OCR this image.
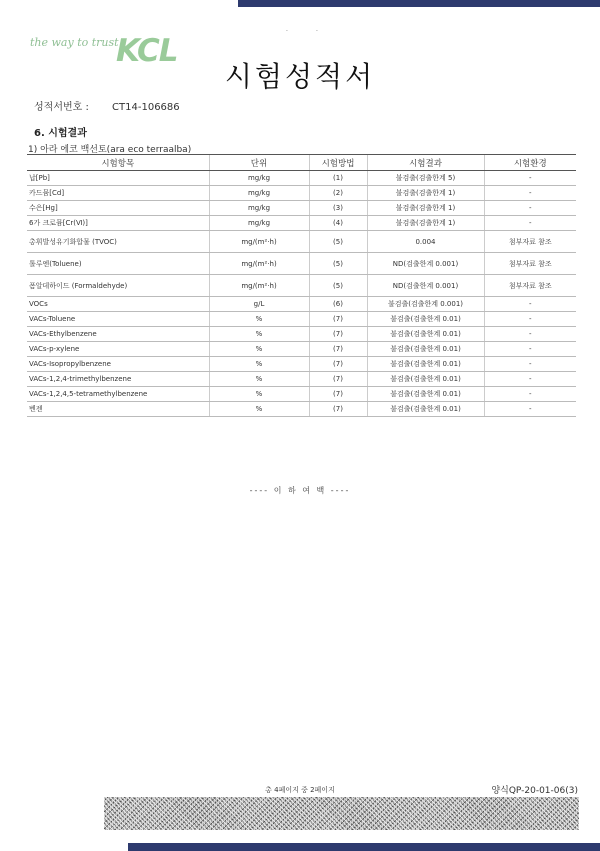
·	·
the way to trust
KCL
시험성적서
성적서번호 : CT14-106686
6. 시험결과
1) 아라 에코 백선토(ara eco terraalba)
시험항목	단위	시험방법	시험결과	시험환경
납[Pb]	mg/kg	(1)	불검출(검출한계 5)	-
카드뮴[Cd]	mg/kg	(2)	불검출(검출한계 1)	-
수은[Hg]	mg/kg	(3)	불검출(검출한계 1)	-
6가 크로뮴[Cr(Ⅵ)]	mg/kg	(4)	불검출(검출한계 1)	-
총휘발성유기화합물 (TVOC)	mg/(m²·h)	(5)	0.004	첨부자료 참조
톨루엔(Toluene)	mg/(m²·h)	(5)	ND(검출한계 0.001)	첨부자료 참조
폼알데하이드 (Formaldehyde)	mg/(m²·h)	(5)	ND(검출한계 0.001)	첨부자료 참조
VOCs	g/L	(6)	불검출(검출한계 0.001)	-
VACs-Toluene	%	(7)	불검출(검출한계 0.01)	-
VACs-Ethylbenzene	%	(7)	불검출(검출한계 0.01)	-
VACs-p-xylene	%	(7)	불검출(검출한계 0.01)	-
VACs-Isopropylbenzene	%	(7)	불검출(검출한계 0.01)	-
VACs-1,2,4-trimethylbenzene	%	(7)	불검출(검출한계 0.01)	-
VACs-1,2,4,5-tetramethylbenzene	%	(7)	불검출(검출한계 0.01)	-
벤젠	%	(7)	불검출(검출한계 0.01)	-
---- 이 하 여 백 ----
총 4페이지 중 2페이지	양식QP-20-01-06(3)
